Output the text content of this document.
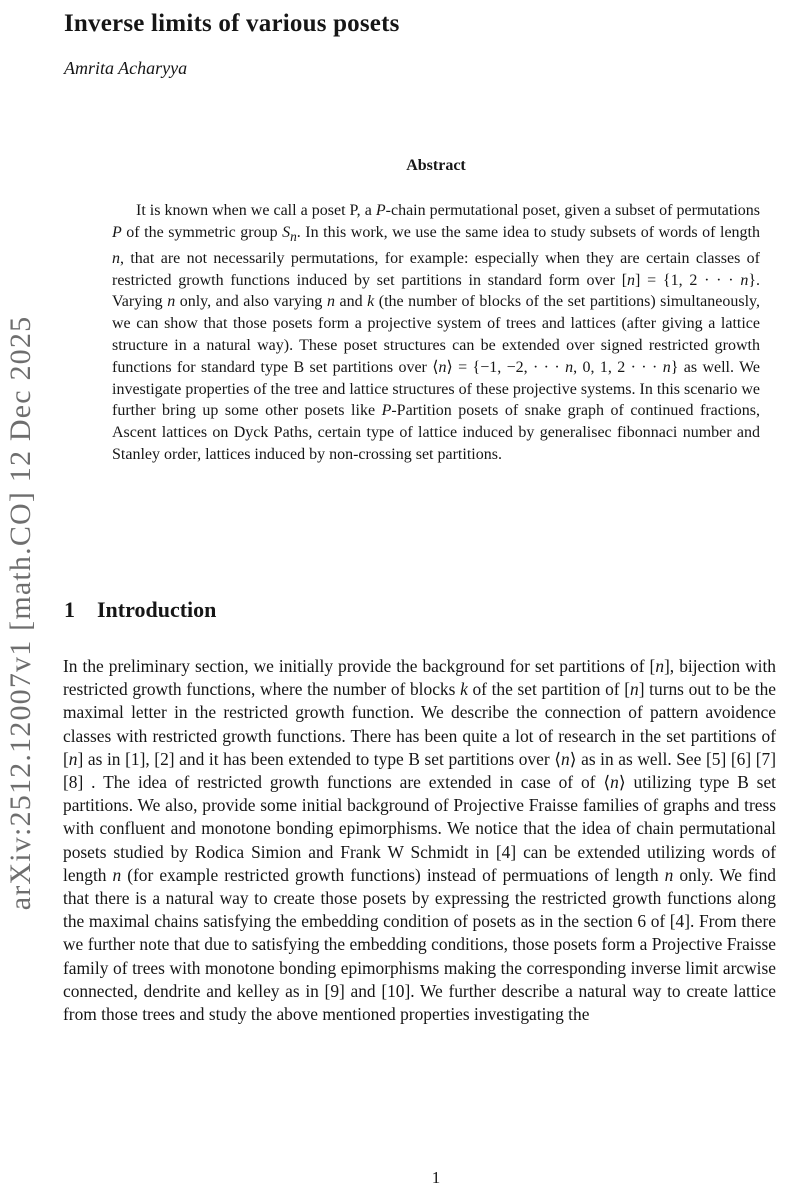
arXiv:2512.12007v1 [math.CO] 12 Dec 2025
Inverse limits of various posets
Amrita Acharyya
Abstract
It is known when we call a poset P, a P-chain permutational poset, given a subset of permutations P of the symmetric group $S_n$. In this work, we use the same idea to study subsets of words of length n, that are not necessarily permutations, for example: especially when they are certain classes of restricted growth functions induced by set partitions in standard form over [n] = {1, 2 · · · n}. Varying n only, and also varying n and k (the number of blocks of the set partitions) simultaneously, we can show that those posets form a projective system of trees and lattices (after giving a lattice structure in a natural way). These poset structures can be extended over signed restricted growth functions for standard type B set partitions over ⟨n⟩ = {−1, −2, · · · n, 0, 1, 2 · · · n} as well. We investigate properties of the tree and lattice structures of these projective systems. In this scenario we further bring up some other posets like P-Partition posets of snake graph of continued fractions, Ascent lattices on Dyck Paths, certain type of lattice induced by generalisec fibonnaci number and Stanley order, lattices induced by non-crossing set partitions.
1 Introduction
In the preliminary section, we initially provide the background for set partitions of [n], bijection with restricted growth functions, where the number of blocks k of the set partition of [n] turns out to be the maximal letter in the restricted growth function. We describe the connection of pattern avoidence classes with restricted growth functions. There has been quite a lot of research in the set partitions of [n] as in [1], [2] and it has been extended to type B set partitions over ⟨n⟩ as in as well. See [5] [6] [7] [8] . The idea of restricted growth functions are extended in case of of ⟨n⟩ utilizing type B set partitions. We also, provide some initial background of Projective Fraisse families of graphs and tress with confluent and monotone bonding epimorphisms. We notice that the idea of chain permutational posets studied by Rodica Simion and Frank W Schmidt in [4] can be extended utilizing words of length n (for example restricted growth functions) instead of permuations of length n only. We find that there is a natural way to create those posets by expressing the restricted growth functions along the maximal chains satisfying the embedding condition of posets as in the section 6 of [4]. From there we further note that due to satisfying the embedding conditions, those posets form a Projective Fraisse family of trees with monotone bonding epimorphisms making the corresponding inverse limit arcwise connected, dendrite and kelley as in [9] and [10]. We further describe a natural way to create lattice from those trees and study the above mentioned properties investigating the
1
